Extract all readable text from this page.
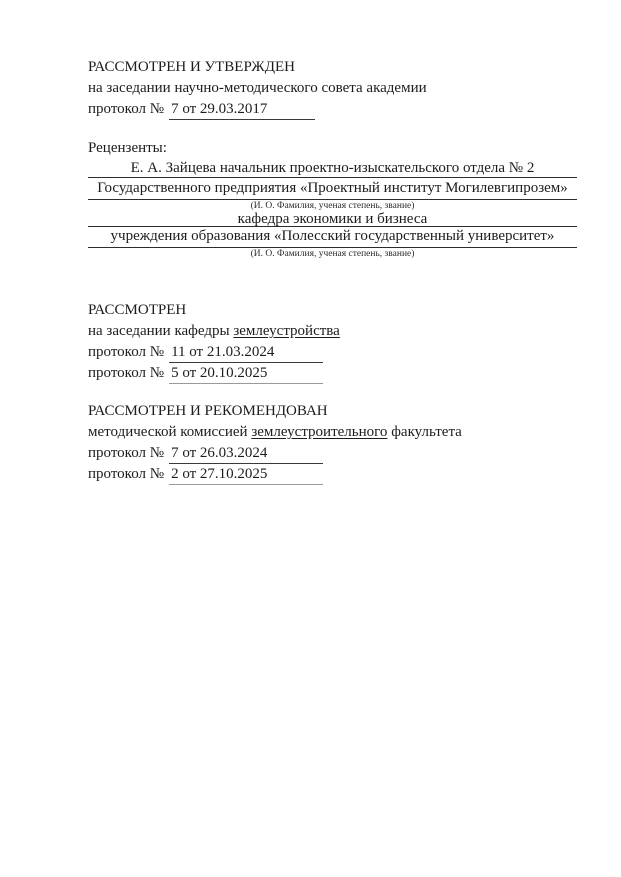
РАССМОТРЕН И УТВЕРЖДЕН
на заседании научно-методического совета академии
протокол № 7 от 29.03.2017
Рецензенты:
Е. А. Зайцева начальник проектно-изыскательского отдела № 2
Государственного предприятия «Проектный институт Могилевгипрозем»
(И. О. Фамилия, ученая степень, звание)
кафедра экономики и бизнеса
учреждения образования «Полесский государственный университет»
(И. О. Фамилия, ученая степень, звание)
РАССМОТРЕН
на заседании кафедры землеустройства
протокол № 11 от 21.03.2024
протокол № 5 от 20.10.2025
РАССМОТРЕН И РЕКОМЕНДОВАН
методической комиссией землеустроительного факультета
протокол № 7 от 26.03.2024
протокол № 2 от 27.10.2025
